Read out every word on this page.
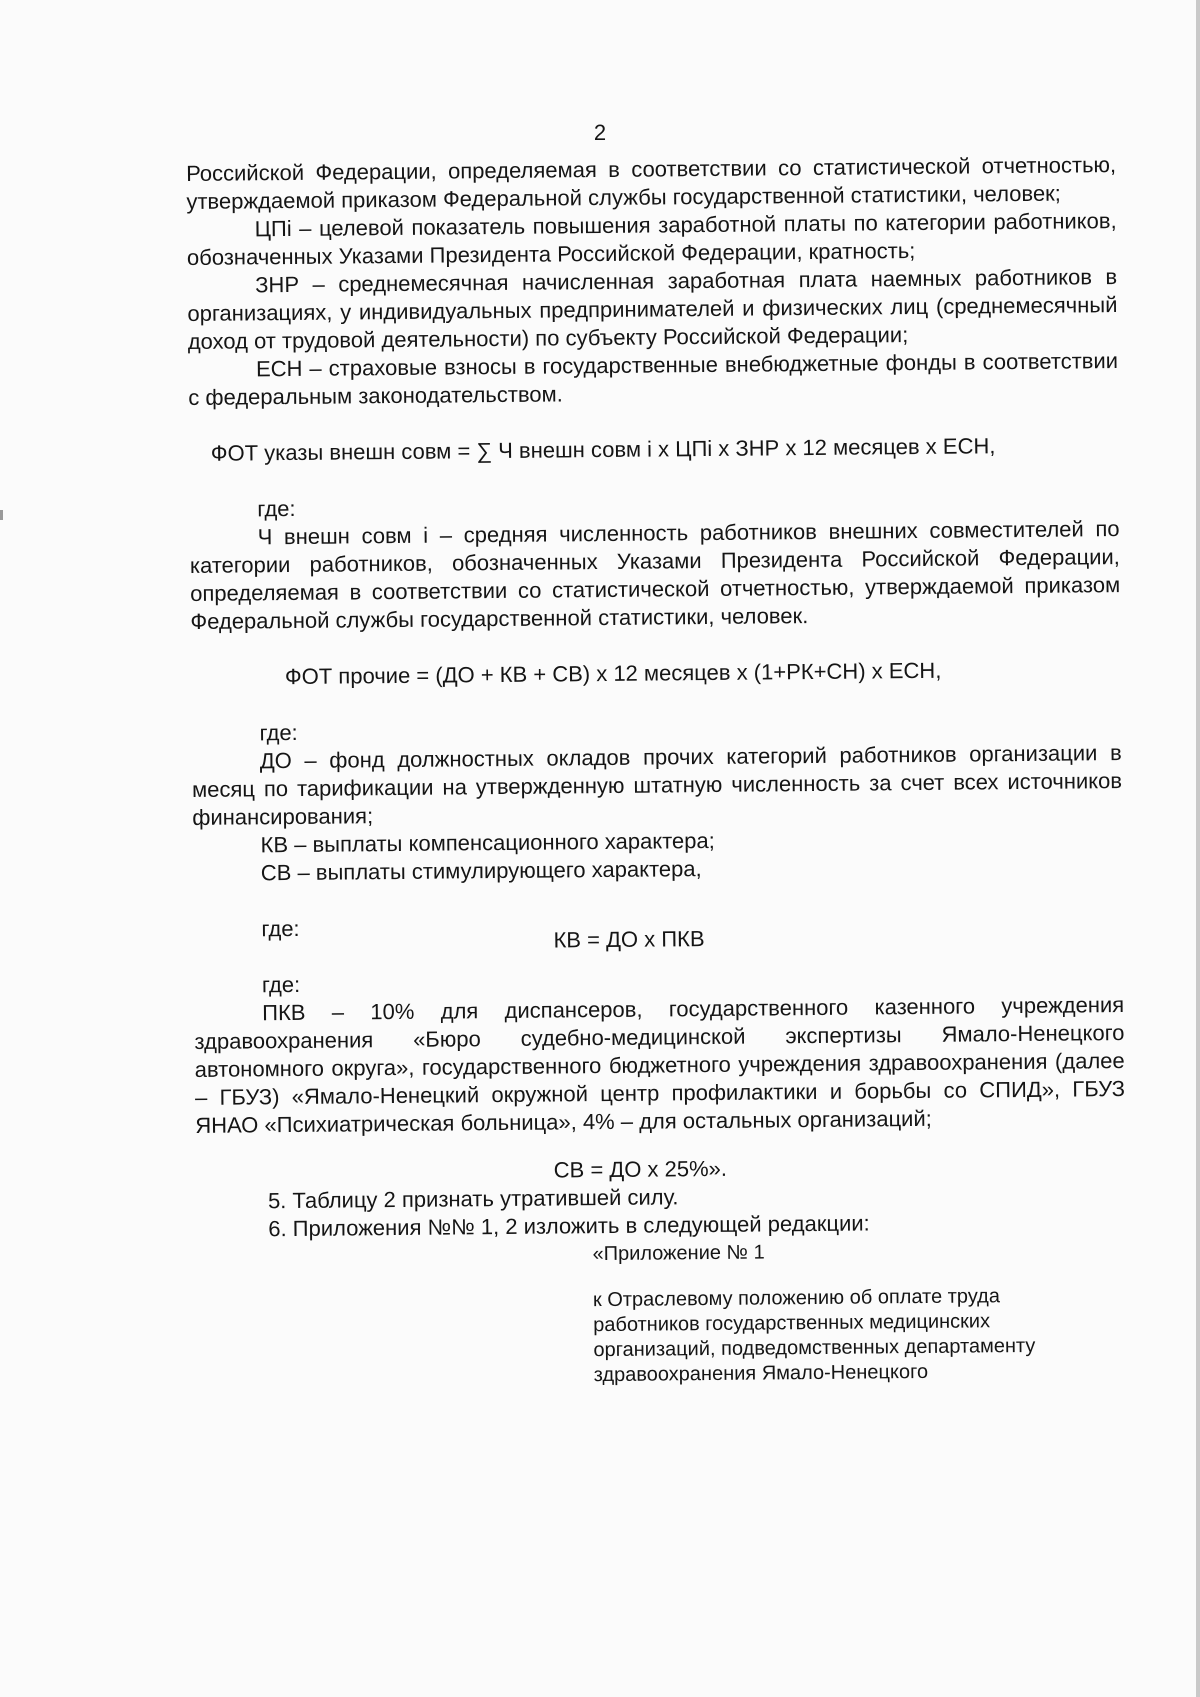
2

Российской Федерации, определяемая в соответствии со статистической отчетностью, утверждаемой приказом Федеральной службы государственной статистики, человек;

ЦПi – целевой показатель повышения заработной платы по категории работников, обозначенных Указами Президента Российской Федерации, кратность;

ЗНР – среднемесячная начисленная заработная плата наемных работников в организациях, у индивидуальных предпринимателей и физических лиц (среднемесячный доход от трудовой деятельности) по субъекту Российской Федерации;

ЕСН – страховые взносы в государственные внебюджетные фонды в соответствии с федеральным законодательством.

ФОТ указы внешн совм = ∑ Ч внешн совм i х ЦПi х ЗНР х 12 месяцев х ЕСН,

где:

Ч внешн совм i – средняя численность работников внешних совместителей по категории работников, обозначенных Указами Президента Российской Федерации, определяемая в соответствии со статистической отчетностью, утверждаемой приказом Федеральной службы государственной статистики, человек.

ФОТ прочие = (ДО + КВ + СВ) х 12 месяцев х (1+РК+СН) х ЕСН,

где:

ДО – фонд должностных окладов прочих категорий работников организации в месяц по тарификации на утвержденную штатную численность за счет всех источников финансирования;

КВ – выплаты компенсационного характера;

СВ – выплаты стимулирующего характера,

где:	КВ = ДО х ПКВ

где:

ПКВ – 10% для диспансеров, государственного казенного учреждения здравоохранения «Бюро судебно-медицинской экспертизы Ямало-Ненецкого автономного округа», государственного бюджетного учреждения здравоохранения (далее – ГБУЗ) «Ямало-Ненецкий окружной центр профилактики и борьбы со СПИД», ГБУЗ ЯНАО «Психиатрическая больница», 4% – для остальных организаций;

СВ = ДО х 25%».

5. Таблицу 2 признать утратившей силу.

6. Приложения №№ 1, 2 изложить в следующей редакции:

«Приложение № 1

к Отраслевому положению об оплате труда работников государственных медицинских организаций, подведомственных департаменту здравоохранения Ямало-Ненецкого
